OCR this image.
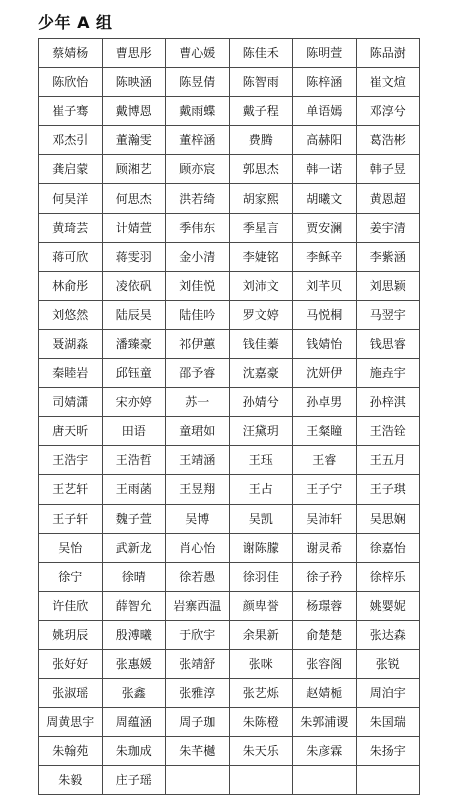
少年 A 组
蔡婧杨	曹思彤	曹心媛	陈佳禾	陈明萱	陈品澍
陈欣怡	陈映涵	陈昱倩	陈智雨	陈梓涵	崔文煊
崔子骞	戴博恩	戴雨蝶	戴子程	单语嫣	邓淳兮
邓杰引	董瀚雯	董梓涵	费腾	高赫阳	葛浩彬
龚启蒙	顾湘艺	顾亦宸	郭思杰	韩一诺	韩子昱
何昊洋	何思杰	洪若绮	胡家熙	胡曦文	黄恩超
黄琦芸	计婧萱	季伟东	季星言	贾安澜	姜宇清
蒋可欣	蒋雯羽	金小清	李婕铭	李稣辛	李紫涵
林俞彤	凌依矾	刘佳悦	刘沛文	刘芊贝	刘思颖
刘悠然	陆辰昊	陆佳吟	罗文婷	马悦桐	马翌宇
聂湖淼	潘臻豪	祁伊蕙	钱佳蓁	钱婧怡	钱思睿
秦睦岩	邱钰童	邵予睿	沈嘉豪	沈妍伊	施垚宇
司婧潇	宋亦婷	苏一	孙婧兮	孙卓男	孙梓淇
唐天昕	田语	童珺如	汪黛玥	王粲瞳	王浩铨
王浩宇	王浩哲	王靖涵	王珏	王睿	王五月
王艺轩	王雨菡	王昱翔	王占	王子宁	王子琪
王子轩	魏子萱	吴博	吴凯	吴沛轩	吴思娴
吴怡	武新龙	肖心怡	谢陈朦	谢灵希	徐嘉怡
徐宁	徐晴	徐若愚	徐羽佳	徐子矜	徐梓乐
许佳欣	薛智允	岩寨西温	颜卑誉	杨璟蓉	姚婴妮
姚玥辰	殷溥曦	于欣宇	余果新	俞楚楚	张达森
张好好	张惠媛	张靖舒	张咪	张容阁	张锐
张淑瑶	张鑫	张雅淳	张艺烁	赵婧栀	周泊宇
周黄思宇	周蕴涵	周子珈	朱陈橙	朱郭浦谡	朱国瑞
朱翰苑	朱珈成	朱芊樾	朱天乐	朱彦霖	朱扬宇
朱毅	庄子瑶				
